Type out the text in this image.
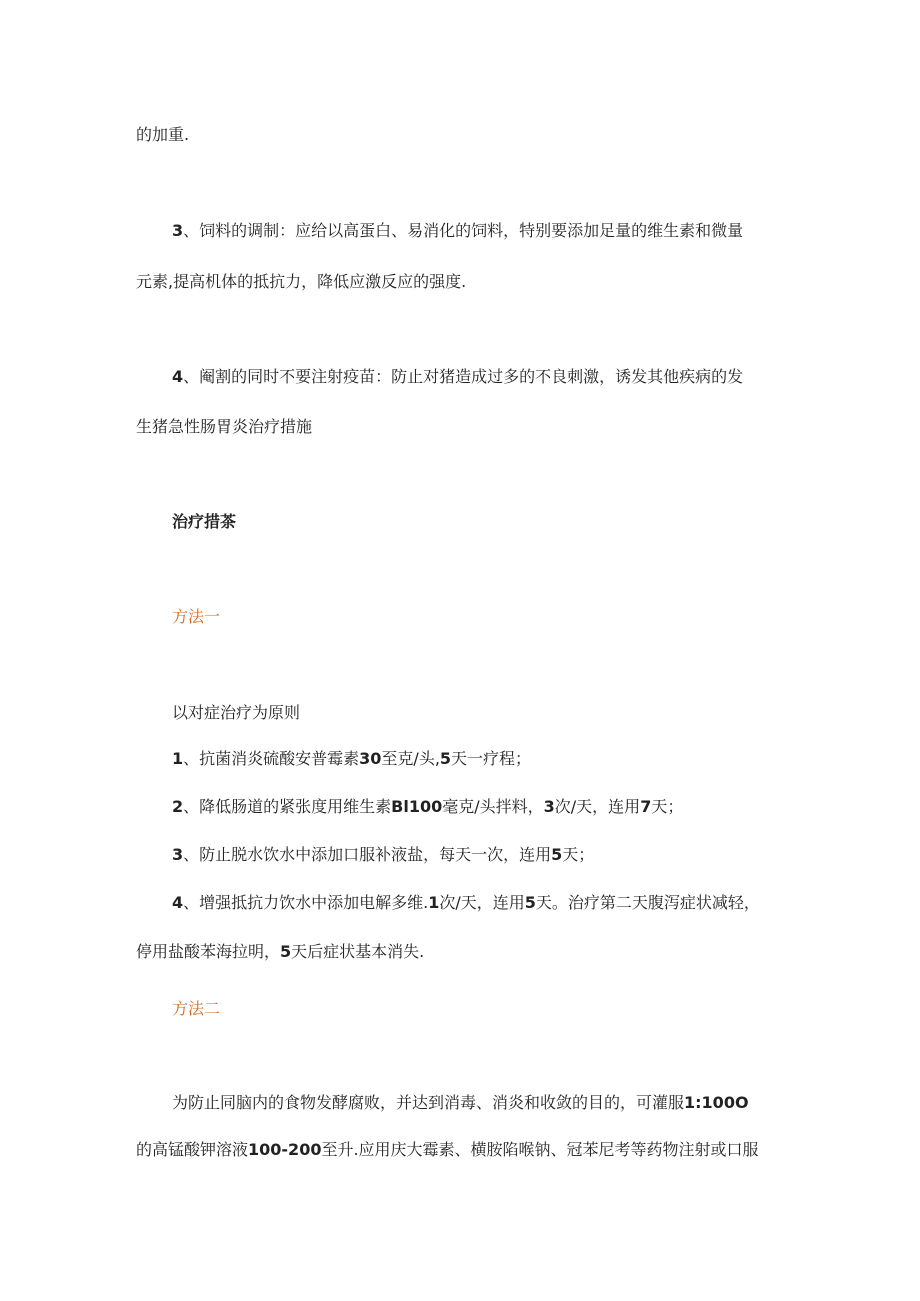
的加重.
3、饲料的调制：应给以高蛋白、易消化的饲料，特别要添加足量的维生素和微量
元素,提高机体的抵抗力，降低应激反应的强度.
4、阉割的同时不要注射疫苗：防止对猪造成过多的不良刺激，诱发其他疾病的发
生猪急性肠胃炎治疗措施
治疗措茶
方法一
以对症治疗为原则
1、抗菌消炎硫酸安普霉素30至克/头,5天一疗程；
2、降低肠道的紧张度用维生素Bl100毫克/头拌料，3次/天，连用7天；
3、防止脱水饮水中添加口服补液盐，每天一次，连用5天；
4、增强抵抗力饮水中添加电解多维.1次/天，连用5天。治疗第二天腹泻症状减轻，
停用盐酸苯海拉明，5天后症状基本消失.
方法二
为防止同脑内的食物发酵腐败，并达到消毒、消炎和收敛的目的，可灌服1:100O
的高锰酸钾溶液100-200至升.应用庆大霉素、横胺陷喉钠、冠苯尼考等药物注射或口服
